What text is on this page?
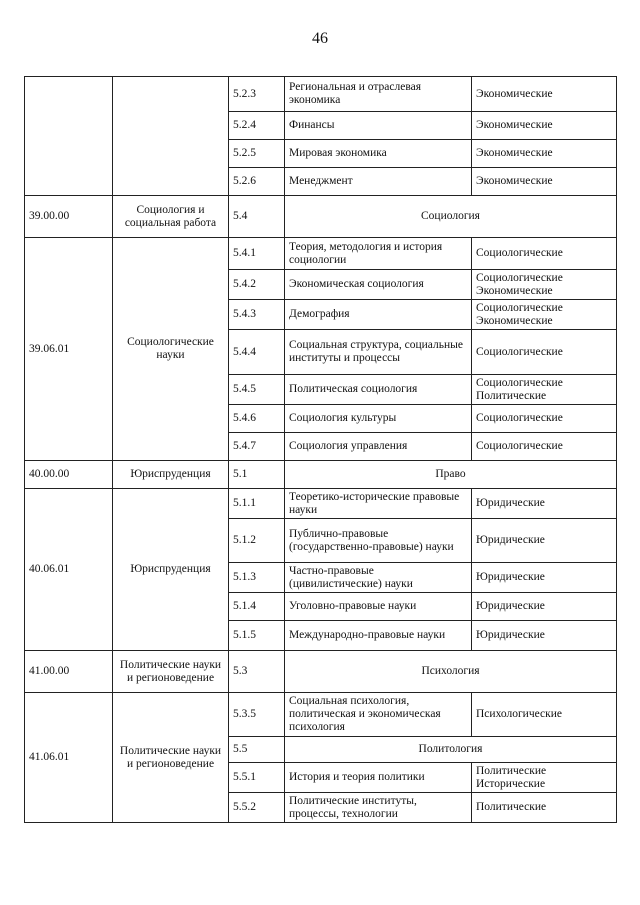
46
		5.2.3	Региональная и отраслевая экономика	Экономические
		5.2.4	Финансы	Экономические
		5.2.5	Мировая экономика	Экономические
		5.2.6	Менеджмент	Экономические
39.00.00	Социология и социальная работа	5.4	Социология	
39.06.01	Социологические науки	5.4.1	Теория, методология и история социологии	Социологические
		5.4.2	Экономическая социология	Социологические Экономические
		5.4.3	Демография	Социологические Экономические
		5.4.4	Социальная структура, социальные институты и процессы	Социологические
		5.4.5	Политическая социология	Социологические Политические
		5.4.6	Социология культуры	Социологические
		5.4.7	Социология управления	Социологические
40.00.00	Юриспруденция	5.1	Право	
40.06.01	Юриспруденция	5.1.1	Теоретико-исторические правовые науки	Юридические
		5.1.2	Публично-правовые (государственно-правовые) науки	Юридические
		5.1.3	Частно-правовые (цивилистические) науки	Юридические
		5.1.4	Уголовно-правовые науки	Юридические
		5.1.5	Международно-правовые науки	Юридические
41.00.00	Политические науки и регионоведение	5.3	Психология	
41.06.01	Политические науки и регионоведение	5.3.5	Социальная психология, политическая и экономическая психология	Психологические
		5.5	Политология	
		5.5.1	История и теория политики	Политические Исторические
		5.5.2	Политические институты, процессы, технологии	Политические
